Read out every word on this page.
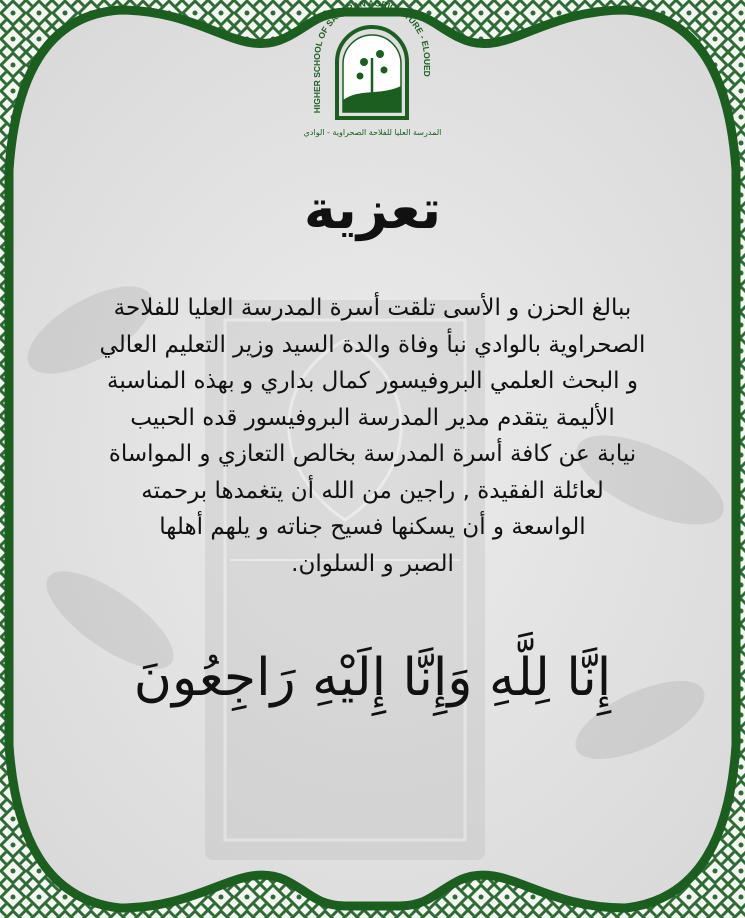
HIGHER SCHOOL OF SAHARAN AGRICULTURE - ELOUED
المدرسة العليا للفلاحة الصحراوية - الوادي
تعزية
ببالغ الحزن و الأسى تلقت أسرة المدرسة العليا للفلاحة
الصحراوية بالوادي نبأ وفاة والدة السيد وزير التعليم العالي
و البحث العلمي البروفيسور كمال بداري و بهذه المناسبة
الأليمة يتقدم مدير المدرسة البروفيسور قده الحبيب
نيابة عن كافة أسرة المدرسة بخالص التعازي و المواساة
لعائلة الفقيدة , راجين من الله أن يتغمدها برحمته
الواسعة و أن يسكنها فسيح جناته و يلهم أهلها
الصبر و السلوان.
إِنَّا لِلَّهِ وَإِنَّا إِلَيْهِ رَاجِعُونَ
